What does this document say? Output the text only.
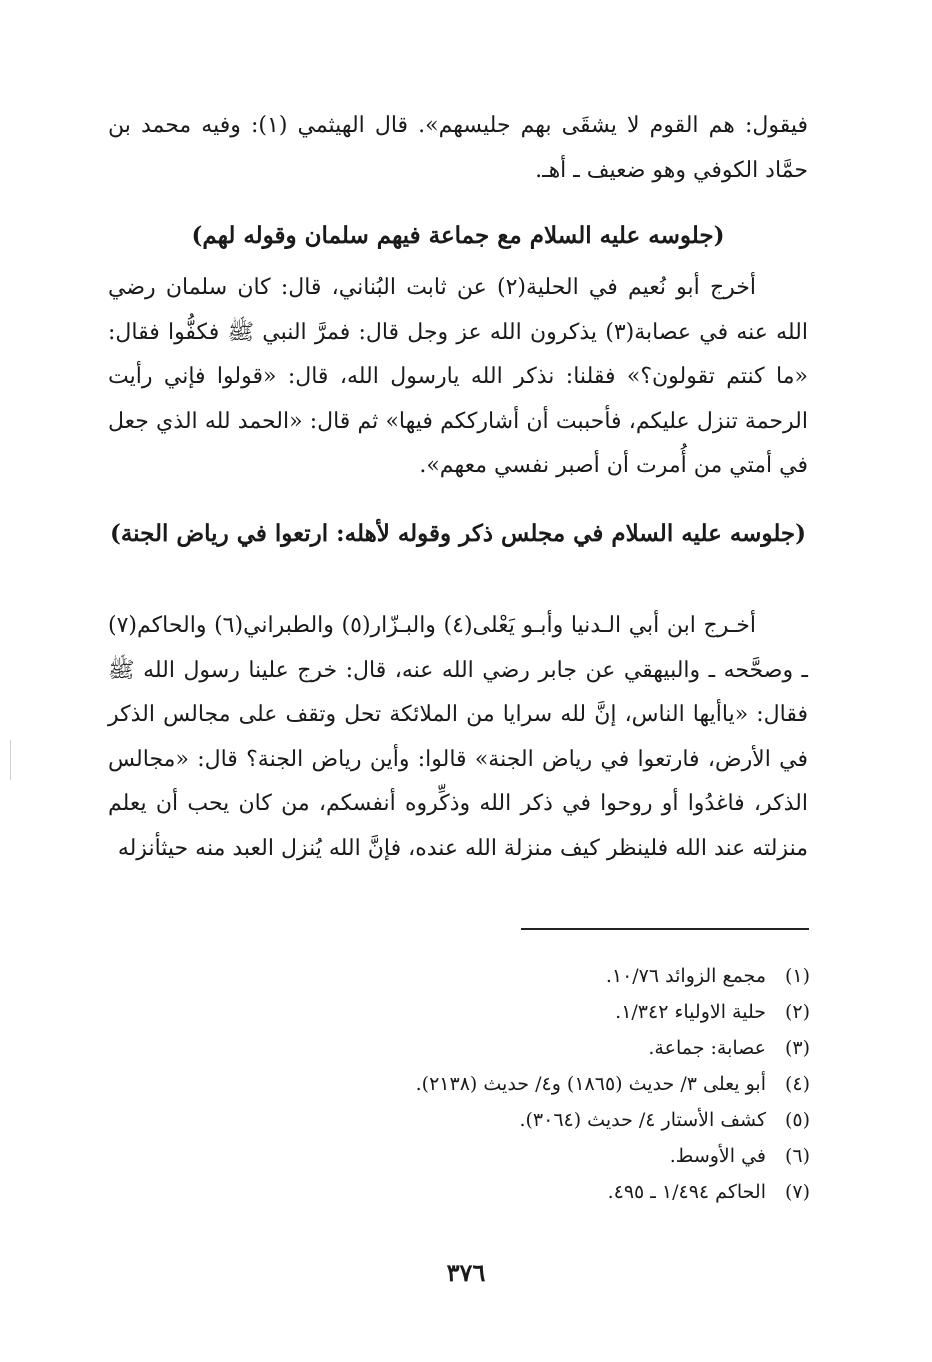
فيقول: هم القوم لا يشقَى بهم جليسهم». قال الهيثمي (١): وفيه محمد بن حمَّاد الكوفي وهو ضعيف ـ أهـ.
(جلوسه عليه السلام مع جماعة فيهم سلمان وقوله لهم)
أخرج أبو نُعيم في الحلية(٢) عن ثابت البُناني، قال: كان سلمان رضي الله عنه في عصابة(٣) يذكرون الله عز وجل قال: فمرَّ النبي ﷺ فكفُّوا فقال: «ما كنتم تقولون؟» فقلنا: نذكر الله يارسول الله، قال: «قولوا فإني رأيت الرحمة تنزل عليكم، فأحببت أن أشارككم فيها» ثم قال: «الحمد لله الذي جعل في أمتي من أُمرت أن أصبر نفسي معهم».
(جلوسه عليه السلام في مجلس ذكر وقوله لأهله: ارتعوا في رياض الجنة)
أخـرج ابن أبي الـدنيا وأبـو يَعْلى(٤) والبـزّار(٥) والطبراني(٦) والحاكم(٧) ـ وصحَّحه ـ والبيهقي عن جابر رضي الله عنه، قال: خرج علينا رسول الله ﷺ فقال: «ياأيها الناس، إنَّ لله سرايا من الملائكة تحل وتقف على مجالس الذكر في الأرض، فارتعوا في رياض الجنة» قالوا: وأين رياض الجنة؟ قال: «مجالس الذكر، فاغدُوا أو روحوا في ذكر الله وذكِّروه أنفسكم، من كان يحب أن يعلم منزلته عند الله فلينظر كيف منزلة الله عنده، فإنَّ الله يُنزل العبد منه حيثأنزله
(١)
مجمع الزوائد ١٠/٧٦.
(٢)
حلية الاولياء ١/٣٤٢.
(٣)
عصابة: جماعة.
(٤)
أبو يعلى ٣/ حديث (١٨٦٥) و٤/ حديث (٢١٣٨).
(٥)
كشف الأستار ٤/ حديث (٣٠٦٤).
(٦)
في الأوسط.
(٧)
الحاكم ١/٤٩٤ ـ ٤٩٥.
٣٧٦
